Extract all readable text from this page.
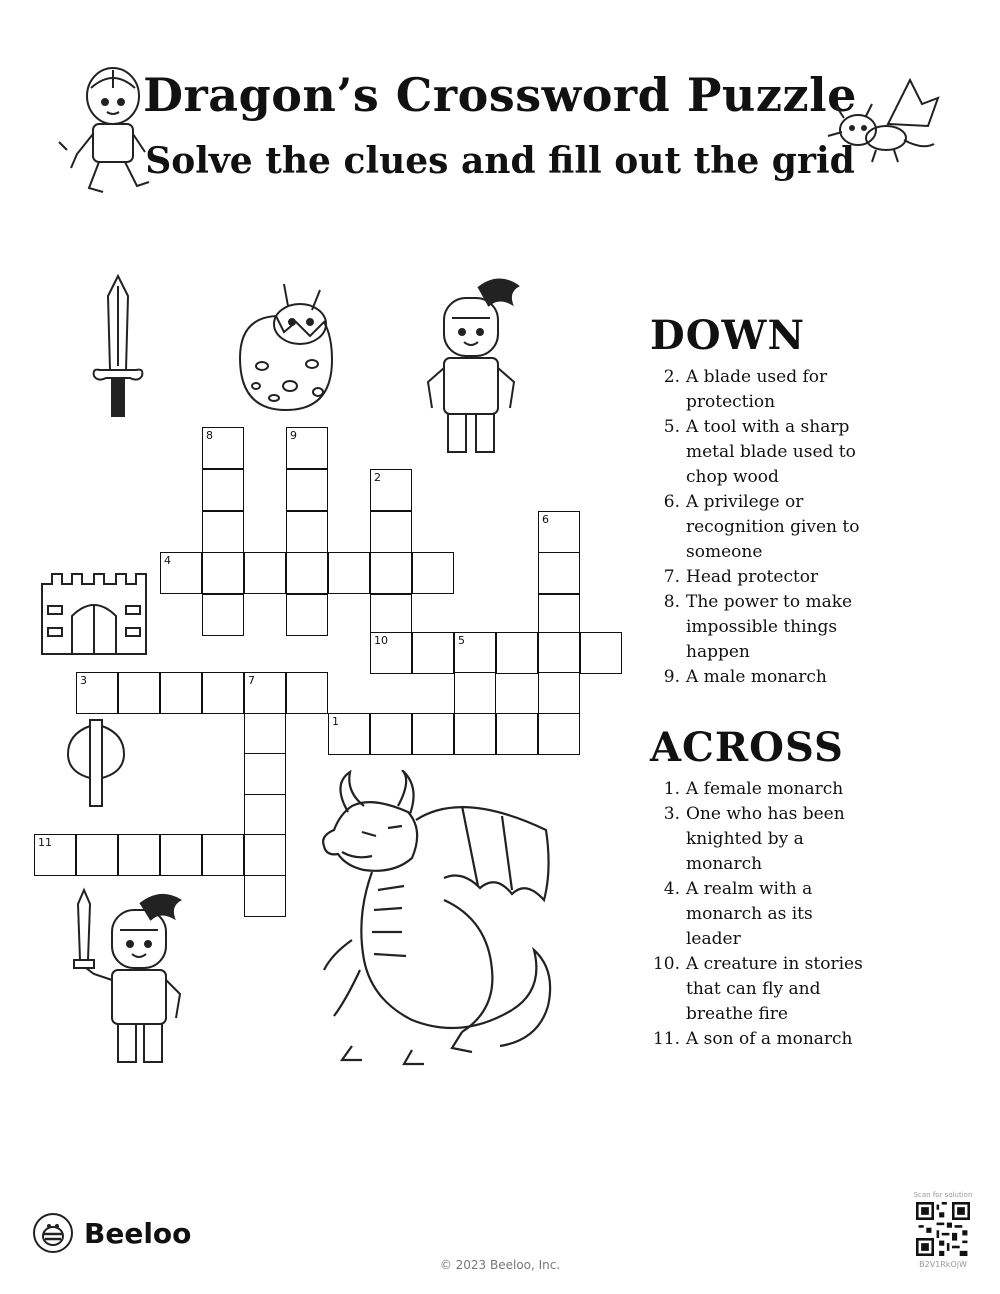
Dragon’s Crossword Puzzle
Solve the clues and fill out the grid
8	9
2
6
4
10	5
3	7
1
11
DOWN
2. A blade used for protection
5. A tool with a sharp metal blade used to chop wood
6. A privilege or recognition given to someone
7. Head protector
8. The power to make impossible things happen
9. A male monarch
ACROSS
1. A female monarch
3. One who has been knighted by a monarch
4. A realm with a monarch as its leader
10. A creature in stories that can fly and breathe fire
11. A son of a monarch
Beeloo
© 2023 Beeloo, Inc.
Scan for solution
B2V1RkOjW
